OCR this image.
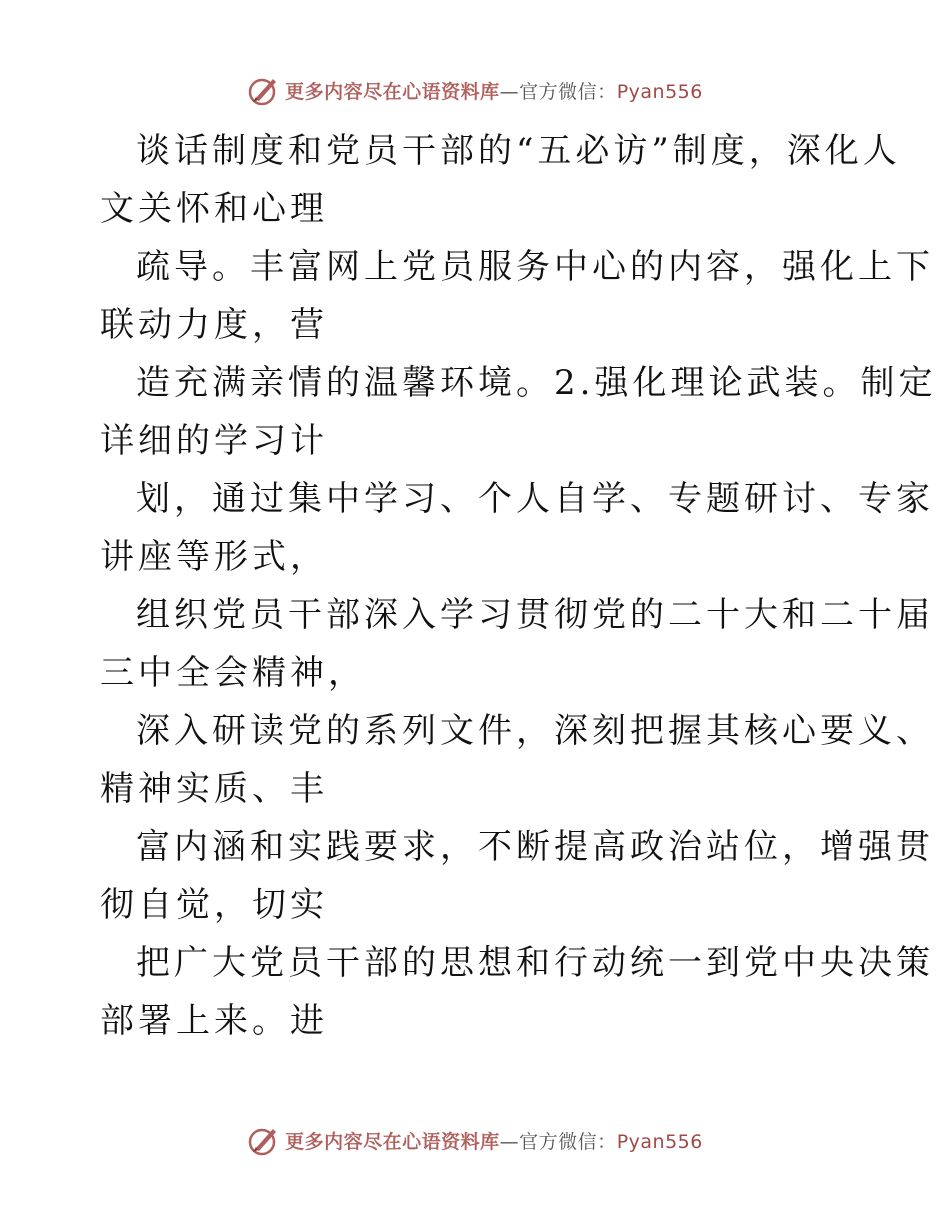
更多内容尽在心语资料库—官方微信：Pyan556

谈话制度和党员干部的“五必访”制度，深化人
文关怀和心理

疏导。丰富网上党员服务中心的内容，强化上下
联动力度，营

造充满亲情的温馨环境。2.强化理论武装。制定
详细的学习计

划，通过集中学习、个人自学、专题研讨、专家
讲座等形式，

组织党员干部深入学习贯彻党的二十大和二十届
三中全会精神，

深入研读党的系列文件，深刻把握其核心要义、
精神实质、丰

富内涵和实践要求，不断提高政治站位，增强贯
彻自觉，切实

把广大党员干部的思想和行动统一到党中央决策
部署上来。进

更多内容尽在心语资料库—官方微信：Pyan556
